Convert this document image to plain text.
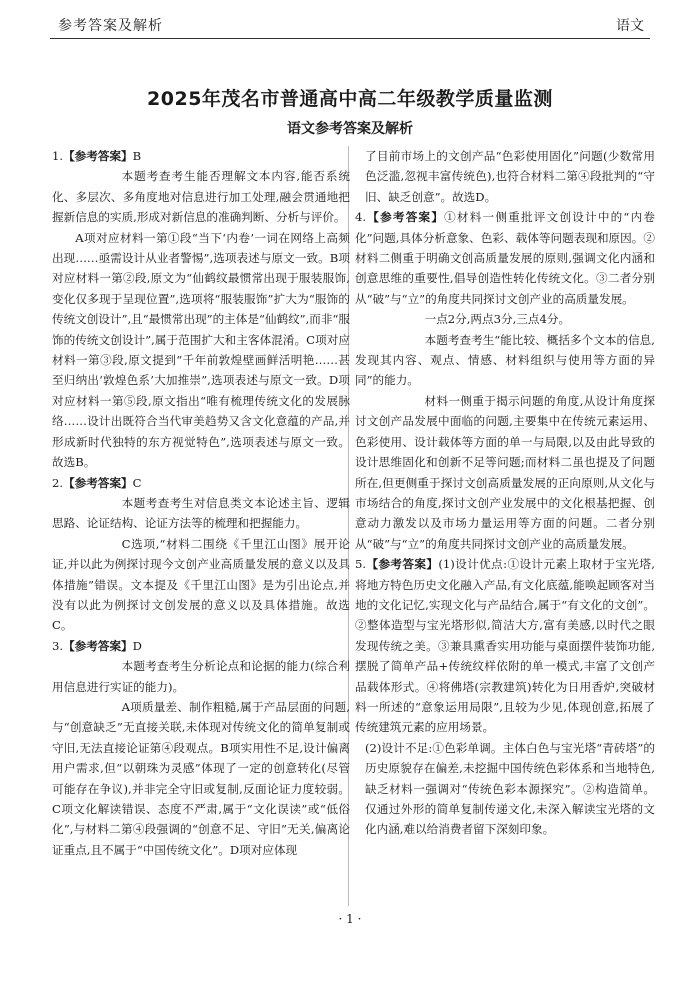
参考答案及解析	语文
2025年茂名市普通高中高二年级教学质量监测
语文参考答案及解析
1.【参考答案】B
本题考查考生能否理解文本内容,能否系统化、多层次、多角度地对信息进行加工处理,融会贯通地把握新信息的实质,形成对新信息的准确判断、分析与评价。
A项对应材料一第①段“当下‘内卷’一词在网络上高频出现……亟需设计从业者警惕”,选项表述与原文一致。B项对应材料一第②段,原文为“仙鹤纹最惯常出现于服装服饰,变化仅多现于呈现位置”,选项将“服装服饰”扩大为“服饰的传统文创设计”,且“最惯常出现”的主体是“仙鹤纹”,而非“服饰的传统文创设计”,属于范围扩大和主客体混淆。C项对应材料一第③段,原文提到“千年前敦煌壁画鲜活明艳……甚至归纳出‘敦煌色系’大加推崇”,选项表述与原文一致。D项对应材料一第⑤段,原文指出“唯有梳理传统文化的发展脉络……设计出既符合当代审美趋势又含文化意蕴的产品,并形成新时代独特的东方视觉特色”,选项表述与原文一致。故选B。
2.【参考答案】C
本题考查考生对信息类文本论述主旨、逻辑思路、论证结构、论证方法等的梳理和把握能力。
C选项,“材料二围绕《千里江山图》展开论证,并以此为例探讨现今文创产业高质量发展的意义以及具体措施”错误。文本提及《千里江山图》是为引出论点,并没有以此为例探讨文创发展的意义以及具体措施。故选C。
3.【参考答案】D
本题考查考生分析论点和论据的能力(综合利用信息进行实证的能力)。
A项质量差、制作粗糙,属于产品层面的问题,与“创意缺乏”无直接关联,未体现对传统文化的简单复制或守旧,无法直接论证第④段观点。B项实用性不足,设计偏离用户需求,但“以朝珠为灵感”体现了一定的创意转化(尽管可能存在争议),并非完全守旧或复制,反面论证力度较弱。C项文化解读错误、态度不严肃,属于“文化误读”或“低俗化”,与材料二第④段强调的“创意不足、守旧”无关,偏离论证重点,且不属于“中国传统文化”。D项对应体现
了目前市场上的文创产品“色彩使用固化”问题(少数常用色泛滥,忽视丰富传统色),也符合材料二第④段批判的“守旧、缺乏创意”。故选D。
4.【参考答案】①材料一侧重批评文创设计中的“内卷化”问题,具体分析意象、色彩、载体等问题表现和原因。②材料二侧重于明确文创高质量发展的原则,强调文化内涵和创意思维的重要性,倡导创造性转化传统文化。③二者分别从“破”与“立”的角度共同探讨文创产业的高质量发展。
一点2分,两点3分,三点4分。
本题考查考生“能比较、概括多个文本的信息,发现其内容、观点、情感、材料组织与使用等方面的异同”的能力。
材料一侧重于揭示问题的角度,从设计角度探讨文创产品发展中面临的问题,主要集中在传统元素运用、色彩使用、设计载体等方面的单一与局限,以及由此导致的设计思维固化和创新不足等问题;而材料二虽也提及了问题所在,但更侧重于探讨文创高质量发展的正向原则,从文化与市场结合的角度,探讨文创产业发展中的文化根基把握、创意动力激发以及市场力量运用等方面的问题。二者分别从“破”与“立”的角度共同探讨文创产业的高质量发展。
5.【参考答案】(1)设计优点:①设计元素上取材于宝光塔,将地方特色历史文化融入产品,有文化底蕴,能唤起顾客对当地的文化记忆,实现文化与产品结合,属于“有文化的文创”。②整体造型与宝光塔形似,简洁大方,富有美感,以时代之眼发现传统之美。③兼具熏香实用功能与桌面摆件装饰功能,摆脱了简单产品+传统纹样依附的单一模式,丰富了文创产品载体形式。④将佛塔(宗教建筑)转化为日用香炉,突破材料一所述的“意象运用局限”,且较为少见,体现创意,拓展了传统建筑元素的应用场景。
(2)设计不足:①色彩单调。主体白色与宝光塔“青砖塔”的历史原貌存在偏差,未挖掘中国传统色彩体系和当地特色,缺乏材料一强调对“传统色彩本源探究”。②构造简单。仅通过外形的简单复制传递文化,未深入解读宝光塔的文化内涵,难以给消费者留下深刻印象。
· 1 ·
